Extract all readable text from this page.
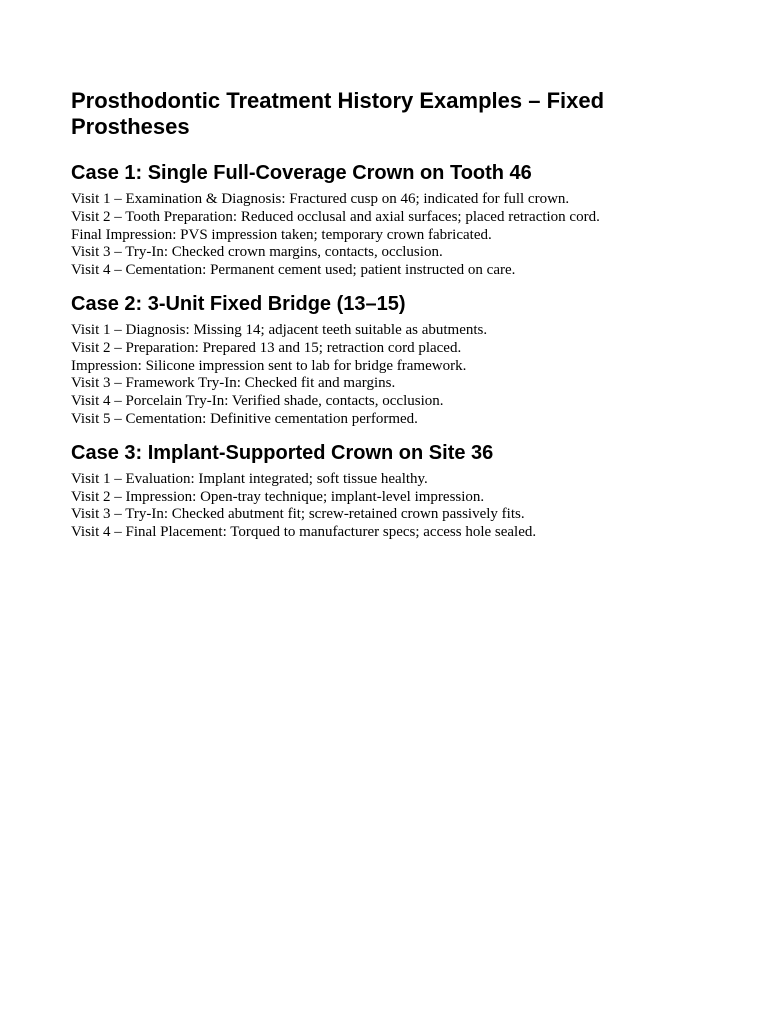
Prosthodontic Treatment History Examples – Fixed Prostheses
Case 1: Single Full-Coverage Crown on Tooth 46
Visit 1 – Examination & Diagnosis: Fractured cusp on 46; indicated for full crown.
Visit 2 – Tooth Preparation: Reduced occlusal and axial surfaces; placed retraction cord.
Final Impression: PVS impression taken; temporary crown fabricated.
Visit 3 – Try-In: Checked crown margins, contacts, occlusion.
Visit 4 – Cementation: Permanent cement used; patient instructed on care.
Case 2: 3-Unit Fixed Bridge (13–15)
Visit 1 – Diagnosis: Missing 14; adjacent teeth suitable as abutments.
Visit 2 – Preparation: Prepared 13 and 15; retraction cord placed.
Impression: Silicone impression sent to lab for bridge framework.
Visit 3 – Framework Try-In: Checked fit and margins.
Visit 4 – Porcelain Try-In: Verified shade, contacts, occlusion.
Visit 5 – Cementation: Definitive cementation performed.
Case 3: Implant-Supported Crown on Site 36
Visit 1 – Evaluation: Implant integrated; soft tissue healthy.
Visit 2 – Impression: Open-tray technique; implant-level impression.
Visit 3 – Try-In: Checked abutment fit; screw-retained crown passively fits.
Visit 4 – Final Placement: Torqued to manufacturer specs; access hole sealed.
